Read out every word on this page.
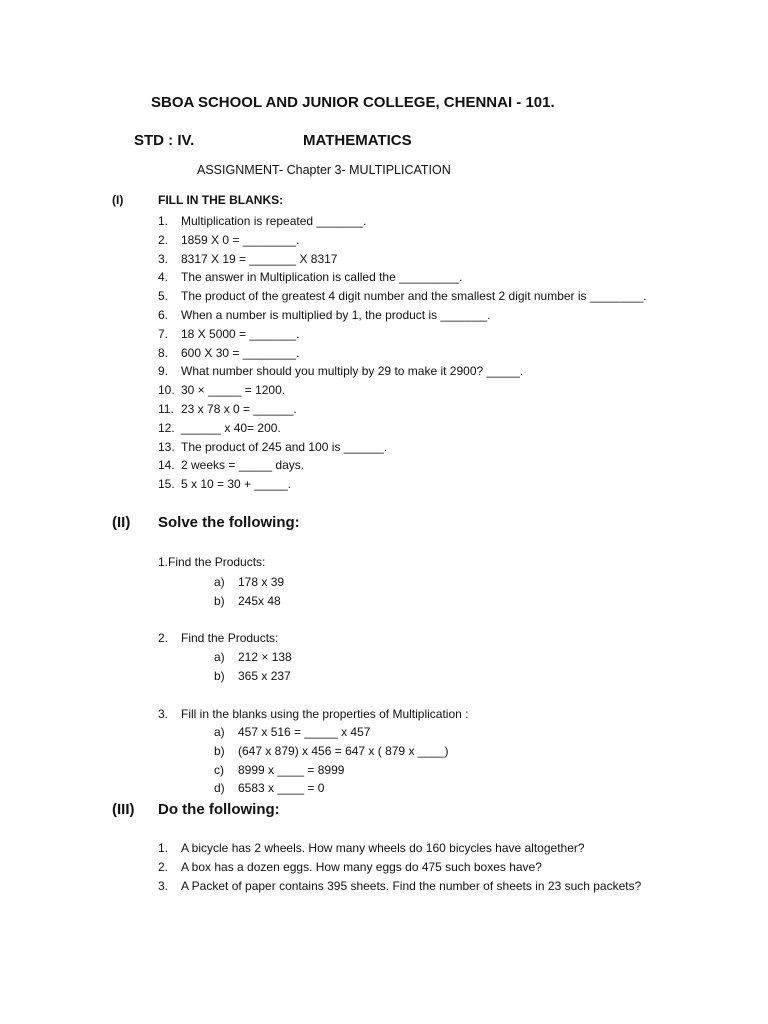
SBOA SCHOOL AND JUNIOR COLLEGE, CHENNAI - 101.
STD : IV.	MATHEMATICS
ASSIGNMENT- Chapter 3- MULTIPLICATION
(I)	FILL IN THE BLANKS:
1.	Multiplication is repeated _______.
2.	1859 X 0 = ________.
3.	8317 X 19 = _______ X 8317
4.	The answer in Multiplication is called the _________.
5.	The product of the greatest 4 digit number and the smallest 2 digit number is ________.
6.	When a number is multiplied by 1, the product is _______.
7.	18 X 5000 = _______.
8.	600 X 30 = ________.
9.	What number should you multiply by 29 to make it 2900? _____.
10. 30 × _____ = 1200.
11. 23 x 78 x 0 = ______.
12. ______ x 40= 200.
13. The product of 245 and 100 is ______.
14. 2 weeks = _____ days.
15. 5 x 10 = 30 + _____.
(II) Solve the following:
1.Find the Products:
a) 178 x 39
b) 245x 48
2.	Find the Products:
a) 212 × 138
b) 365 x 237
3.	Fill in the blanks using the properties of Multiplication :
a) 457 x 516 = _____ x 457
b) (647 x 879) x 456 = 647 x ( 879 x ____)
c) 8999 x ____ = 8999
d) 6583 x ____ = 0
(III) Do the following:
1.	A bicycle has 2 wheels. How many wheels do 160 bicycles have altogether?
2.	A box has a dozen eggs. How many eggs do 475 such boxes have?
3.	A Packet of paper contains 395 sheets. Find the number of sheets in 23 such packets?
